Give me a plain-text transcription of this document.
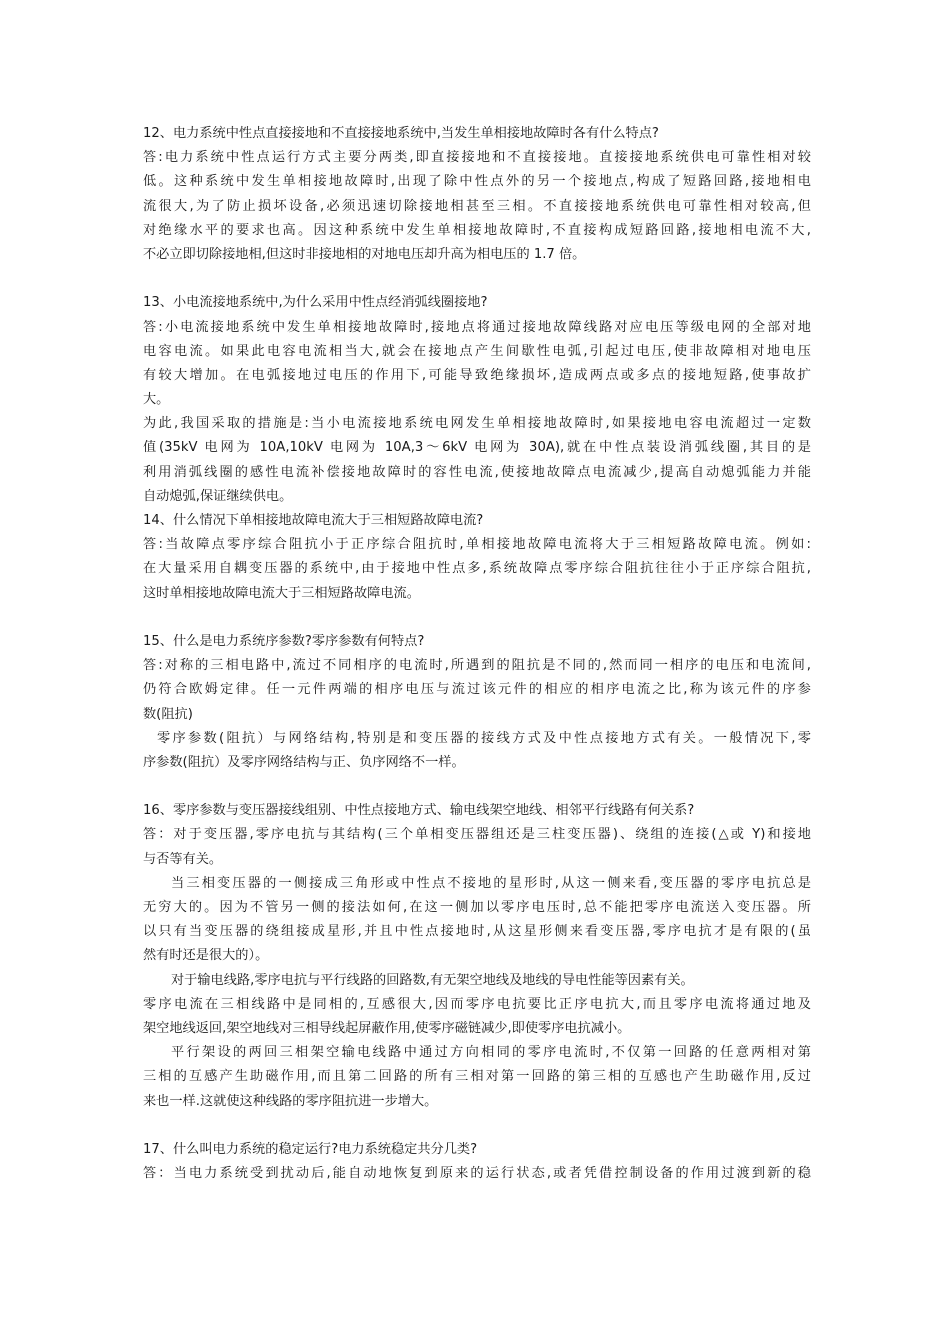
12、电力系统中性点直接接地和不直接接地系统中,当发生单相接地故障时各有什么特点?
答:电力系统中性点运行方式主要分两类,即直接接地和不直接接地。直接接地系统供电可靠性相对较
低。这种系统中发生单相接地故障时,出现了除中性点外的另一个接地点,构成了短路回路,接地相电
流很大,为了防止损坏设备,必须迅速切除接地相甚至三相。不直接接地系统供电可靠性相对较高,但
对绝缘水平的要求也高。因这种系统中发生单相接地故障时,不直接构成短路回路,接地相电流不大,
不必立即切除接地相,但这时非接地相的对地电压却升高为相电压的 1.7 倍。
13、小电流接地系统中,为什么采用中性点经消弧线圈接地?
答:小电流接地系统中发生单相接地故障时,接地点将通过接地故障线路对应电压等级电网的全部对地
电容电流。如果此电容电流相当大,就会在接地点产生间歇性电弧,引起过电压,使非故障相对地电压
有较大增加。在电弧接地过电压的作用下,可能导致绝缘损坏,造成两点或多点的接地短路,使事故扩
大。
为此,我国采取的措施是:当小电流接地系统电网发生单相接地故障时,如果接地电容电流超过一定数
值(35kV 电网为 10A,10kV 电网为 10A,3～6kV 电网为 30A),就在中性点装设消弧线圈,其目的是
利用消弧线圈的感性电流补偿接地故障时的容性电流,使接地故障点电流减少,提高自动熄弧能力并能
自动熄弧,保证继续供电。
14、什么情况下单相接地故障电流大于三相短路故障电流?
答:当故障点零序综合阻抗小于正序综合阻抗时,单相接地故障电流将大于三相短路故障电流。例如:
在大量采用自耦变压器的系统中,由于接地中性点多,系统故障点零序综合阻抗往往小于正序综合阻抗,
这时单相接地故障电流大于三相短路故障电流。
15、什么是电力系统序参数?零序参数有何特点?
答:对称的三相电路中,流过不同相序的电流时,所遇到的阻抗是不同的,然而同一相序的电压和电流间,
仍符合欧姆定律。任一元件两端的相序电压与流过该元件的相应的相序电流之比,称为该元件的序参
数(阻抗)
零序参数(阻抗）与网络结构,特别是和变压器的接线方式及中性点接地方式有关。一般情况下,零
序参数(阻抗）及零序网络结构与正、负序网络不一样。
16、零序参数与变压器接线组别、中性点接地方式、输电线架空地线、相邻平行线路有何关系?
答：对于变压器,零序电抗与其结构(三个单相变压器组还是三柱变压器)、绕组的连接(△或 Y)和接地
与否等有关。
当三相变压器的一侧接成三角形或中性点不接地的星形时,从这一侧来看,变压器的零序电抗总是
无穷大的。因为不管另一侧的接法如何,在这一侧加以零序电压时,总不能把零序电流送入变压器。所
以只有当变压器的绕组接成星形,并且中性点接地时,从这星形侧来看变压器,零序电抗才是有限的(虽
然有时还是很大的）。
对于输电线路,零序电抗与平行线路的回路数,有无架空地线及地线的导电性能等因素有关。
零序电流在三相线路中是同相的,互感很大,因而零序电抗要比正序电抗大,而且零序电流将通过地及
架空地线返回,架空地线对三相导线起屏蔽作用,使零序磁链减少,即使零序电抗减小。
平行架设的两回三相架空输电线路中通过方向相同的零序电流时,不仅第一回路的任意两相对第
三相的互感产生助磁作用,而且第二回路的所有三相对第一回路的第三相的互感也产生助磁作用,反过
来也一样.这就使这种线路的零序阻抗进一步增大。
17、什么叫电力系统的稳定运行?电力系统稳定共分几类?
答：当电力系统受到扰动后,能自动地恢复到原来的运行状态,或者凭借控制设备的作用过渡到新的稳
